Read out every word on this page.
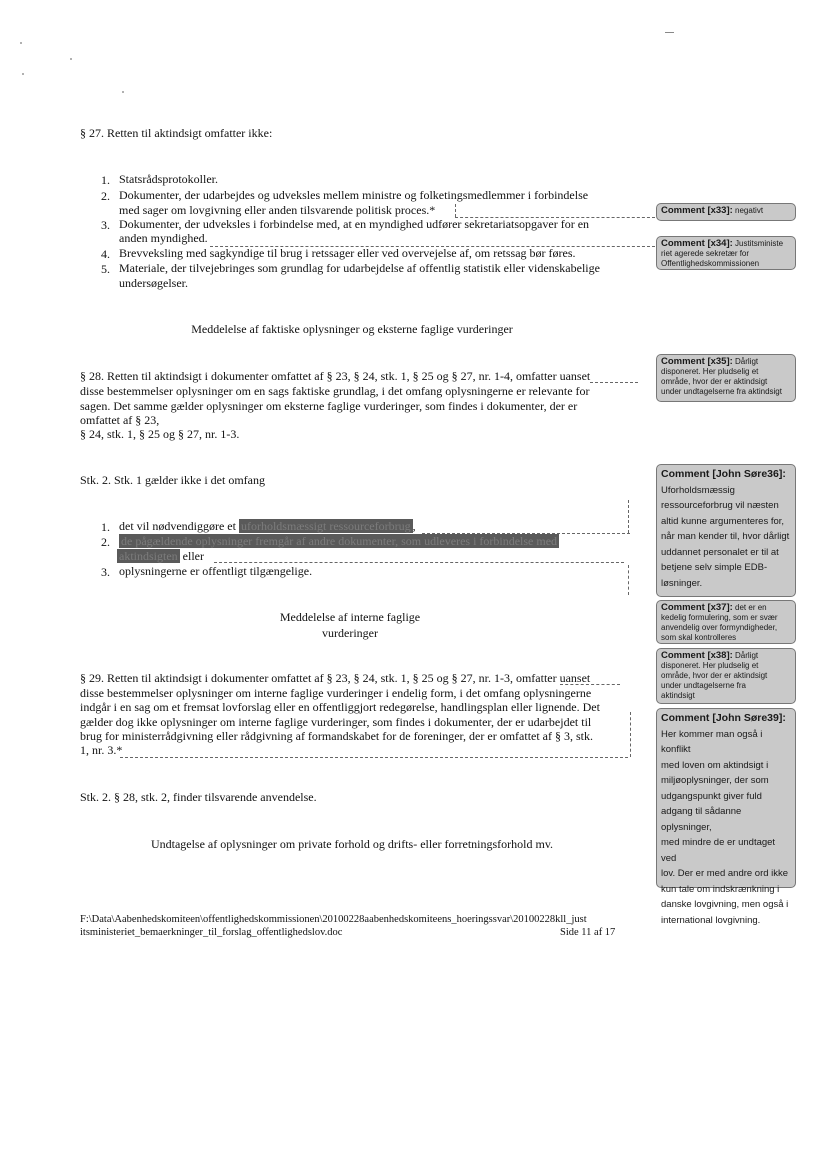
§ 27. Retten til aktindsigt omfatter ikke:
1. Statsrådsprotokoller.
2. Dokumenter, der udarbejdes og udveksles mellem ministre og folketingsmedlemmer i forbindelse
med sager om lovgivning eller anden tilsvarende politisk proces.*
3. Dokumenter, der udveksles i forbindelse med, at en myndighed udfører sekretariatsopgaver for en
anden myndighed.
4. Brevveksling med sagkyndige til brug i retssager eller ved overvejelse af, om retssag bør føres.
5. Materiale, der tilvejebringes som grundlag for udarbejdelse af offentlig statistik eller videnskabelige
undersøgelser.
Meddelelse af faktiske oplysninger og eksterne faglige vurderinger
§ 28. Retten til aktindsigt i dokumenter omfattet af § 23, § 24, stk. 1, § 25 og § 27, nr. 1-4, omfatter uanset
disse bestemmelser oplysninger om en sags faktiske grundlag, i det omfang oplysningerne er relevante for
sagen. Det samme gælder oplysninger om eksterne faglige vurderinger, som findes i dokumenter, der er
omfattet af § 23,
§ 24, stk. 1, § 25 og § 27, nr. 1-3.
Stk. 2. Stk. 1 gælder ikke i det omfang
1. det vil nødvendiggøre et uforholdsmæssigt ressourceforbrug ,
2. de pågældende oplysninger fremgår af andre dokumenter, som udleveres i forbindelse med
aktindsigten eller
3. oplysningerne er offentligt tilgængelige.
Meddelelse af interne faglige
vurderinger
§ 29. Retten til aktindsigt i dokumenter omfattet af § 23, § 24, stk. 1, § 25 og § 27, nr. 1-3, omfatter uanset
disse bestemmelser oplysninger om interne faglige vurderinger i endelig form, i det omfang oplysningerne
indgår i en sag om et fremsat lovforslag eller en offentliggjort redegørelse, handlingsplan eller lignende. Det
gælder dog ikke oplysninger om interne faglige vurderinger, som findes i dokumenter, der er udarbejdet til
brug for ministerrådgivning eller rådgivning af formandskabet for de foreninger, der er omfattet af § 3, stk.
1, nr. 3.*
Stk. 2. § 28, stk. 2, finder tilsvarende anvendelse.
Undtagelse af oplysninger om private forhold og drifts- eller forretningsforhold mv.
F:\Data\Aabenhedskomiteen\offentlighedskommissionen\20100228aabenhedskomiteens_hoeringssvar\20100228kll_just
itsministeriet_bemaerkninger_til_forslag_offentlighedslov.doc	Side 11 af 17
Comment [x33]: negativt
Comment [x34]: Justitsministe
riet agerede sekretær for
Offentlighedskommissionen
Comment [x35]: Dårligt
disponeret. Her pludselig et
område, hvor der er aktindsigt
under undtagelserne fra aktindsigt
Comment [John Søre36]:
Uforholdsmæssig
ressourceforbrug vil næsten
altid kunne argumenteres for,
når man kender til, hvor dårligt
uddannet personalet er til at
betjene selv simple EDB-
løsninger.
Comment [x37]: det er en
kedelig formulering, som er svær
anvendelig over formyndigheder,
som skal kontrolleres
Comment [x38]: Dårligt
disponeret. Her pludselig et
område, hvor der er aktindsigt
under undtagelserne fra
aktindsigt
Comment [John Søre39]:
Her kommer man også i konflikt
med loven om aktindsigt i
miljøoplysninger, der som
udgangspunkt giver fuld
adgang til sådanne oplysninger,
med mindre de er undtaget ved
lov. Der er med andre ord ikke
kun tale om indskrænkning i
danske lovgivning, men også i
international lovgivning.
